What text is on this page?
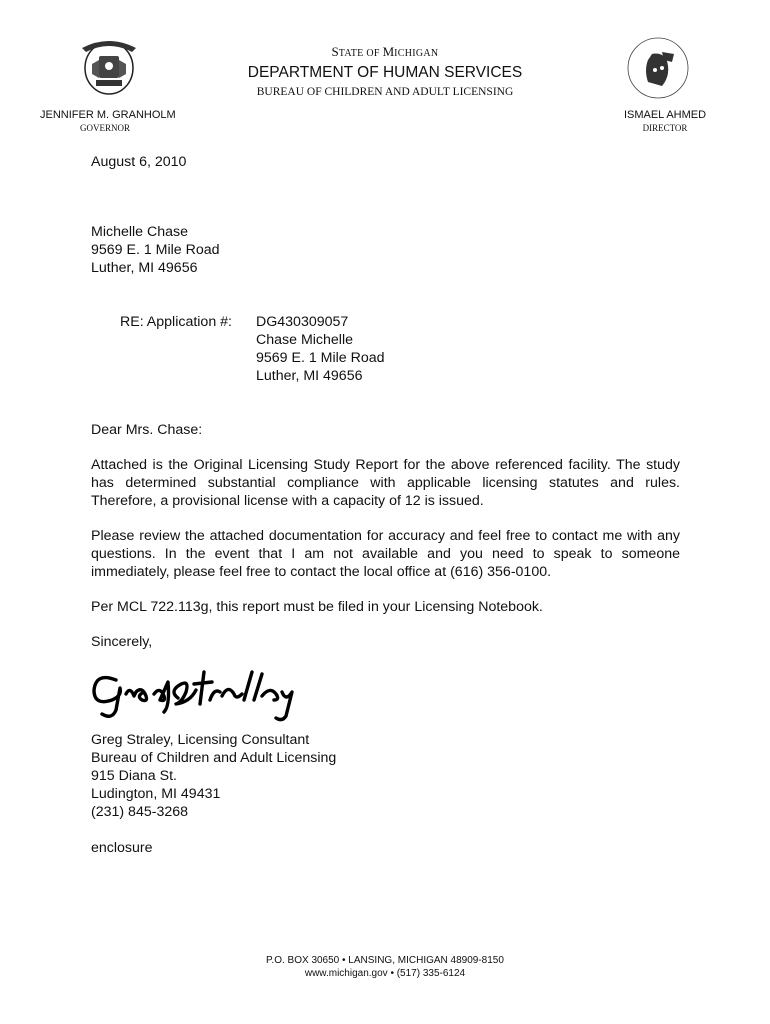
STATE OF MICHIGAN
DEPARTMENT OF HUMAN SERVICES
BUREAU OF CHILDREN AND ADULT LICENSING
JENNIFER M. GRANHOLM
GOVERNOR
ISMAEL AHMED
DIRECTOR
August 6, 2010
Michelle Chase
9569 E. 1 Mile Road
Luther, MI 49656
RE: Application #: DG430309057
Chase Michelle
9569 E. 1 Mile Road
Luther, MI 49656
Dear Mrs. Chase:
Attached is the Original Licensing Study Report for the above referenced facility. The study has determined substantial compliance with applicable licensing statutes and rules. Therefore, a provisional license with a capacity of 12 is issued.
Please review the attached documentation for accuracy and feel free to contact me with any questions. In the event that I am not available and you need to speak to someone immediately, please feel free to contact the local office at (616) 356-0100.
Per MCL 722.113g, this report must be filed in your Licensing Notebook.
Sincerely,
Greg Straley, Licensing Consultant
Bureau of Children and Adult Licensing
915 Diana St.
Ludington, MI 49431
(231) 845-3268
enclosure
P.O. BOX 30650 • LANSING, MICHIGAN 48909-8150
www.michigan.gov • (517) 335-6124
